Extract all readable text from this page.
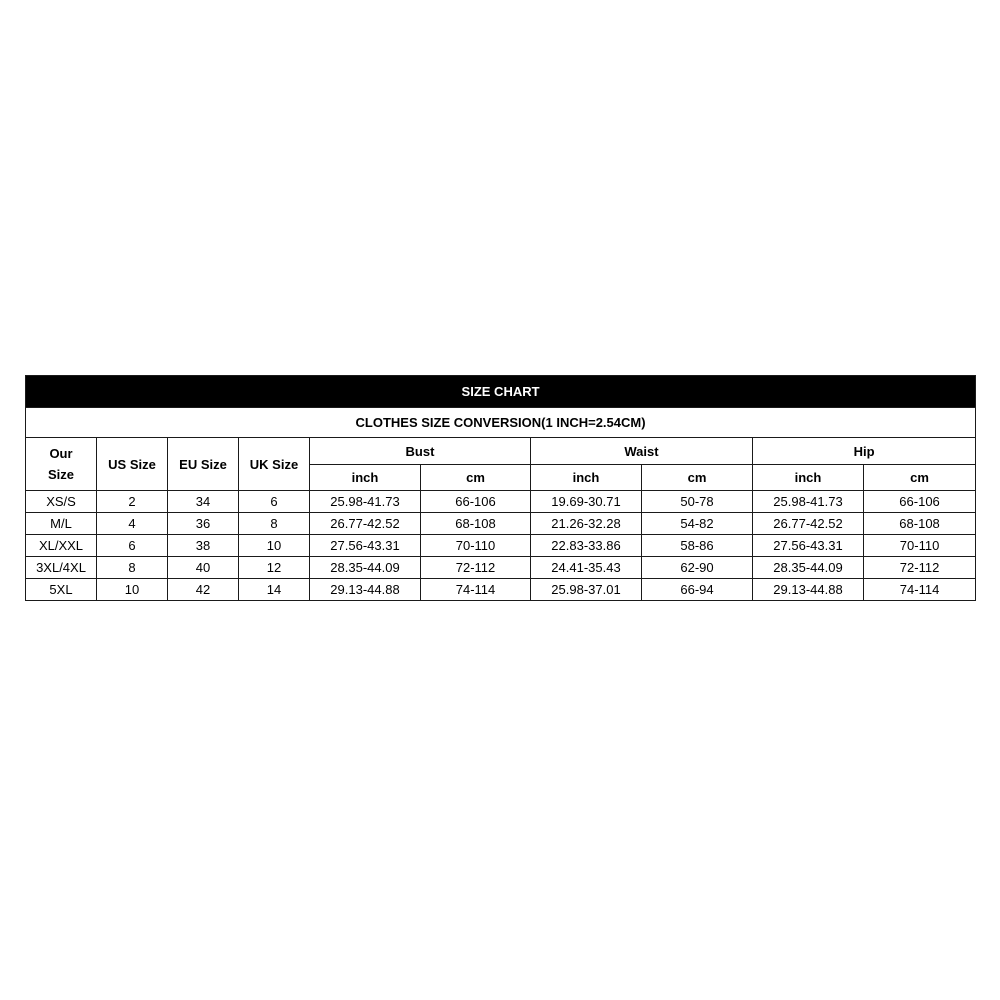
SIZE CHART									
CLOTHES SIZE CONVERSION(1 INCH=2.54CM)									
Our
Size	US Size	EU Size	UK Size	Bust		Waist		Hip	
				inch	cm	inch	cm	inch	cm
XS/S	2	34	6	25.98-41.73	66-106	19.69-30.71	50-78	25.98-41.73	66-106
M/L	4	36	8	26.77-42.52	68-108	21.26-32.28	54-82	26.77-42.52	68-108
XL/XXL	6	38	10	27.56-43.31	70-110	22.83-33.86	58-86	27.56-43.31	70-110
3XL/4XL	8	40	12	28.35-44.09	72-112	24.41-35.43	62-90	28.35-44.09	72-112
5XL	10	42	14	29.13-44.88	74-114	25.98-37.01	66-94	29.13-44.88	74-114
